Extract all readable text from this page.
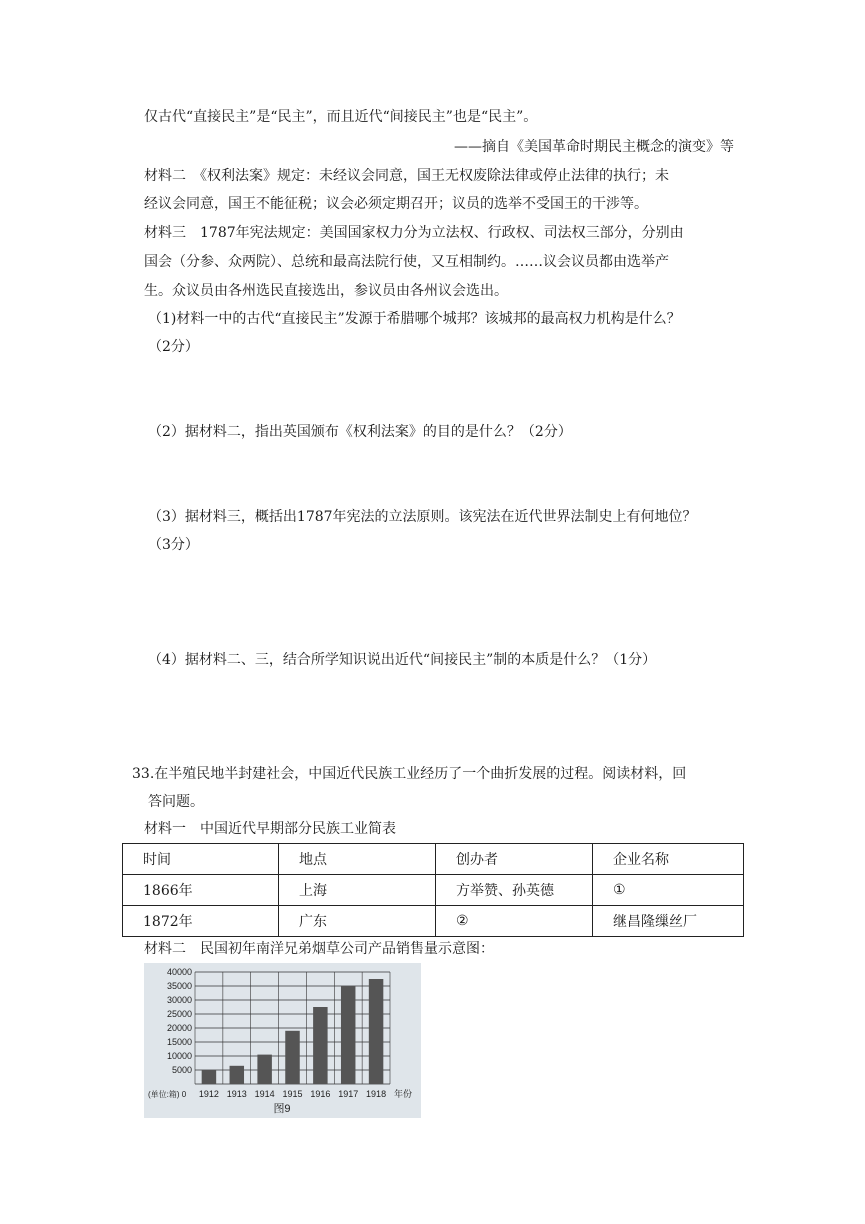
仅古代“直接民主”是“民主”，而且近代“间接民主”也是“民主”。
——摘自《美国革命时期民主概念的演变》等
材料二　《权利法案》规定：未经议会同意，国王无权废除法律或停止法律的执行；未
经议会同意，国王不能征税；议会必须定期召开；议员的选举不受国王的干涉等。
材料三　1787年宪法规定：美国国家权力分为立法权、行政权、司法权三部分，分别由
国会（分参、众两院）、总统和最高法院行使，又互相制约。……议会议员都由选举产
生。众议员由各州选民直接选出，参议员由各州议会选出。
（1)材料一中的古代“直接民主”发源于希腊哪个城邦？该城邦的最高权力机构是什么？
（2分）
（2）据材料二，指出英国颁布《权利法案》的目的是什么？（2分）
（3）据材料三，概括出1787年宪法的立法原则。该宪法在近代世界法制史上有何地位？
（3分）
（4）据材料二、三，结合所学知识说出近代“间接民主”制的本质是什么？（1分）
33.在半殖民地半封建社会，中国近代民族工业经历了一个曲折发展的过程。阅读材料，回
答问题。
材料一　中国近代早期部分民族工业简表
时间	地点	创办者	企业名称
1866年	上海	方举赞、孙英德	①
1872年	广东	②	继昌隆缫丝厂
材料二　民国初年南洋兄弟烟草公司产品销售量示意图：
5000
10000
15000
20000
25000
30000
35000
40000
(单位:箱) 0 1912 1913 1914 1915 1916 1917 1918 年份
图9
